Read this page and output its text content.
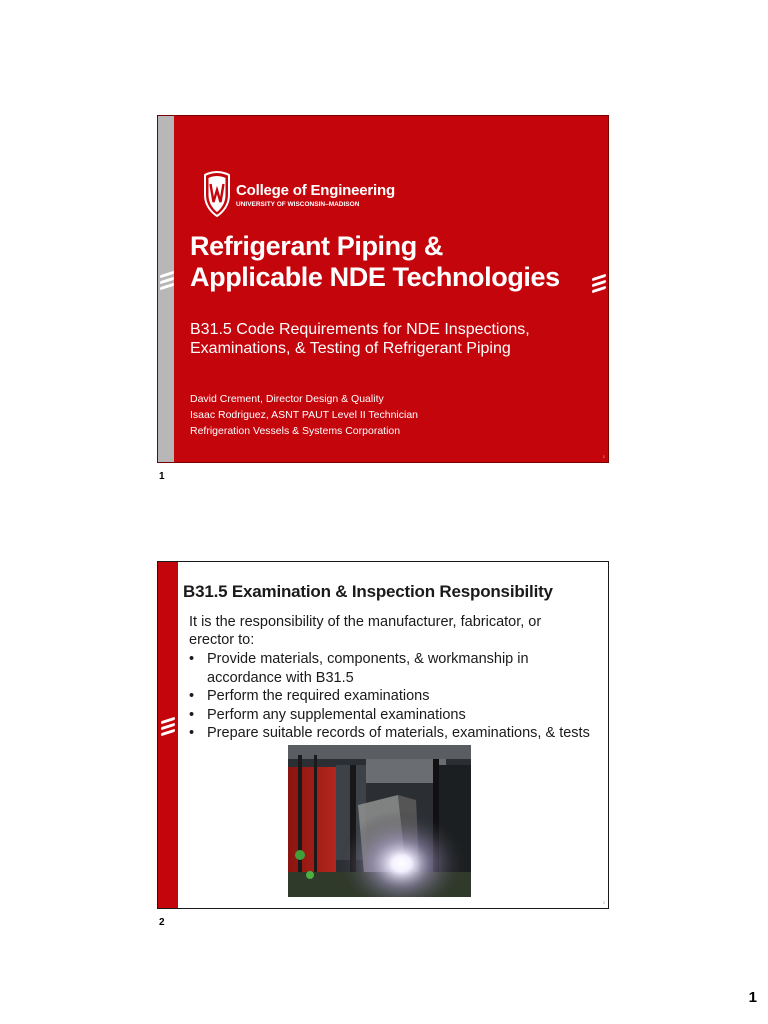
College of Engineering
UNIVERSITY OF WISCONSIN–MADISON
Refrigerant Piping &
Applicable NDE Technologies
B31.5 Code Requirements for NDE Inspections,
Examinations, & Testing of Refrigerant Piping
David Crement, Director Design & Quality
Isaac Rodriguez, ASNT PAUT Level II Technician
Refrigeration Vessels & Systems Corporation
1
1
B31.5 Examination & Inspection Responsibility
It is the responsibility of the manufacturer, fabricator, or erector to:
• Provide materials, components, & workmanship in accordance with B31.5
• Perform the required examinations
• Perform any supplemental examinations
• Prepare suitable records of materials, examinations, & tests
2
2
1
